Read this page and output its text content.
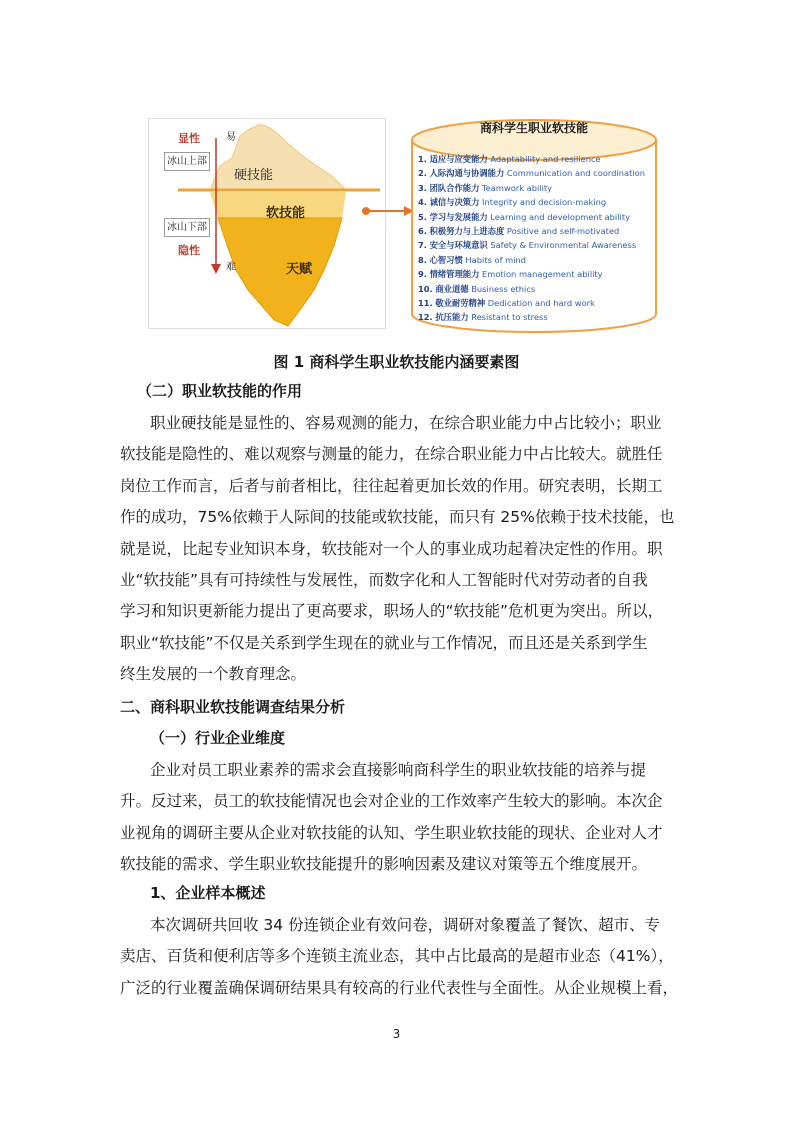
显性	易
冰山上部
硬技能
软技能
冰山下部
隐性
难	天赋
商科学生职业软技能
1. 适应与应变能力 Adaptability and resilience
2. 人际沟通与协调能力 Communication and coordination
3. 团队合作能力 Teamwork ability
4. 诚信与决策力 Integrity and decision-making
5. 学习与发展能力 Learning and development ability
6. 积极努力与上进态度 Positive and self-motivated
7. 安全与环境意识 Safety & Environmental Awareness
8. 心智习惯 Habits of mind
9. 情绪管理能力 Emotion management ability
10. 商业道德 Business ethics
11. 敬业耐劳精神 Dedication and hard work
12. 抗压能力 Resistant to stress
图 1 商科学生职业软技能内涵要素图
（二）职业软技能的作用
职业硬技能是显性的、容易观测的能力，在综合职业能力中占比较小；职业
软技能是隐性的、难以观察与测量的能力，在综合职业能力中占比较大。就胜任
岗位工作而言，后者与前者相比，往往起着更加长效的作用。研究表明，长期工
作的成功，75%依赖于人际间的技能或软技能，而只有 25%依赖于技术技能，也
就是说，比起专业知识本身，软技能对一个人的事业成功起着决定性的作用。职
业“软技能”具有可持续性与发展性，而数字化和人工智能时代对劳动者的自我
学习和知识更新能力提出了更高要求，职场人的“软技能”危机更为突出。所以，
职业“软技能”不仅是关系到学生现在的就业与工作情况，而且还是关系到学生
终生发展的一个教育理念。
二、商科职业软技能调查结果分析
（一）行业企业维度
企业对员工职业素养的需求会直接影响商科学生的职业软技能的培养与提
升。反过来，员工的软技能情况也会对企业的工作效率产生较大的影响。本次企
业视角的调研主要从企业对软技能的认知、学生职业软技能的现状、企业对人才
软技能的需求、学生职业软技能提升的影响因素及建议对策等五个维度展开。
1、企业样本概述
本次调研共回收 34 份连锁企业有效问卷，调研对象覆盖了餐饮、超市、专
卖店、百货和便利店等多个连锁主流业态，其中占比最高的是超市业态（41%），
广泛的行业覆盖确保调研结果具有较高的行业代表性与全面性。从企业规模上看，
3
